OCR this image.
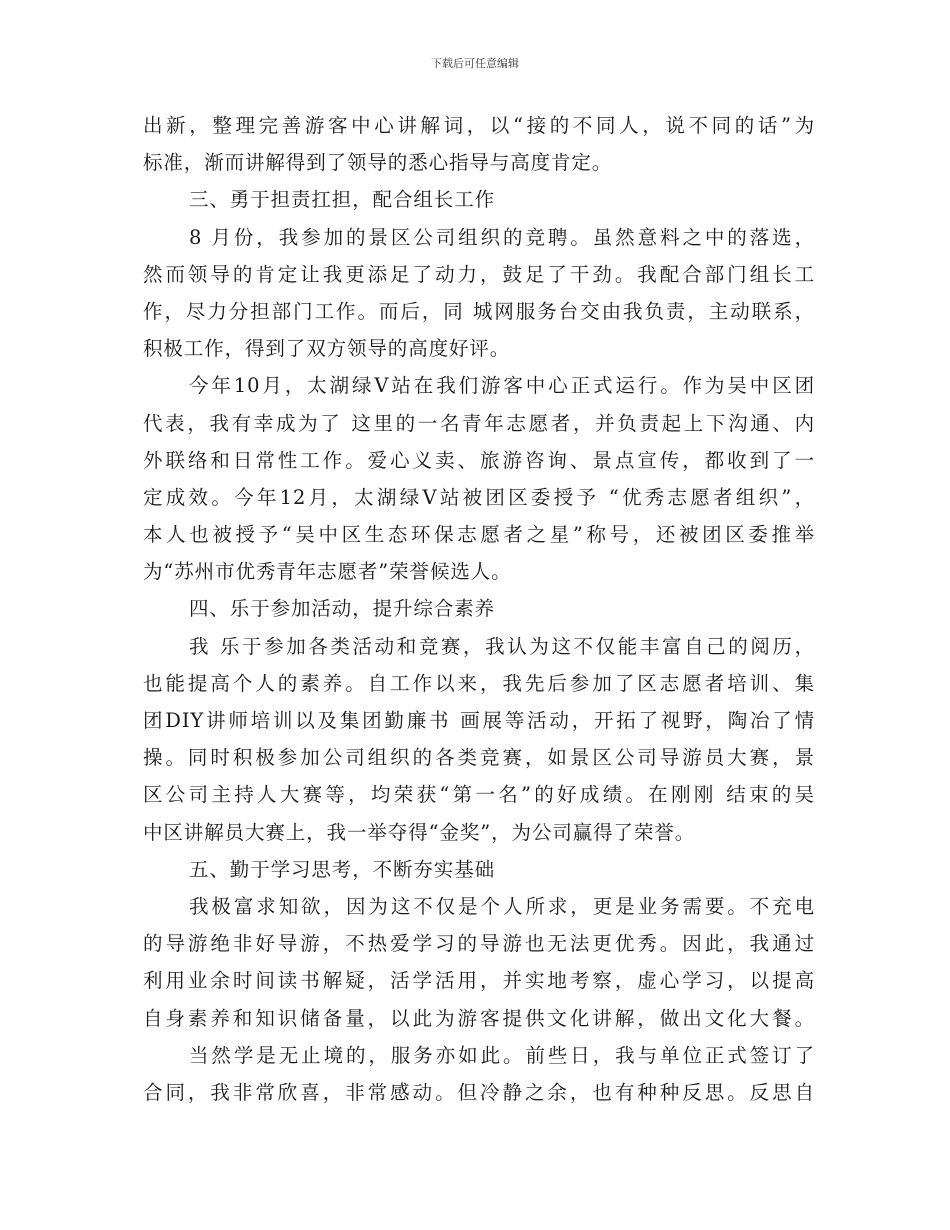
下载后可任意编辑
出新，整理完善游客中心讲解词，以“接的不同人，说不同的话”为
标准，渐而讲解得到了领导的悉心指导与高度肯定。
三、勇于担责扛担，配合组长工作
8 月份，我参加的景区公司组织的竞聘。虽然意料之中的落选，
然而领导的肯定让我更添足了动力，鼓足了干劲。我配合部门组长工
作，尽力分担部门工作。而后，同 城网服务台交由我负责，主动联系，
积极工作，得到了双方领导的高度好评。
今年10月，太湖绿V站在我们游客中心正式运行。作为吴中区团
代表，我有幸成为了 这里的一名青年志愿者，并负责起上下沟通、内
外联络和日常性工作。爱心义卖、旅游咨询、景点宣传，都收到了一
定成效。今年12月，太湖绿V站被团区委授予 “优秀志愿者组织”，
本人也被授予“吴中区生态环保志愿者之星”称号，还被团区委推举
为“苏州市优秀青年志愿者”荣誉候选人。
四、乐于参加活动，提升综合素养
我 乐于参加各类活动和竞赛，我认为这不仅能丰富自己的阅历，
也能提高个人的素养。自工作以来，我先后参加了区志愿者培训、集
团DIY讲师培训以及集团勤廉书 画展等活动，开拓了视野，陶冶了情
操。同时积极参加公司组织的各类竞赛，如景区公司导游员大赛，景
区公司主持人大赛等，均荣获“第一名”的好成绩。在刚刚 结束的吴
中区讲解员大赛上，我一举夺得“金奖”，为公司赢得了荣誉。
五、勤于学习思考，不断夯实基础
我极富求知欲，因为这不仅是个人所求，更是业务需要。不充电
的导游绝非好导游，不热爱学习的导游也无法更优秀。因此，我通过
利用业余时间读书解疑，活学活用，并实地考察，虚心学习，以提高
自身素养和知识储备量，以此为游客提供文化讲解，做出文化大餐。
当然学是无止境的，服务亦如此。前些日，我与单位正式签订了
合同，我非常欣喜，非常感动。但冷静之余，也有种种反思。反思自
